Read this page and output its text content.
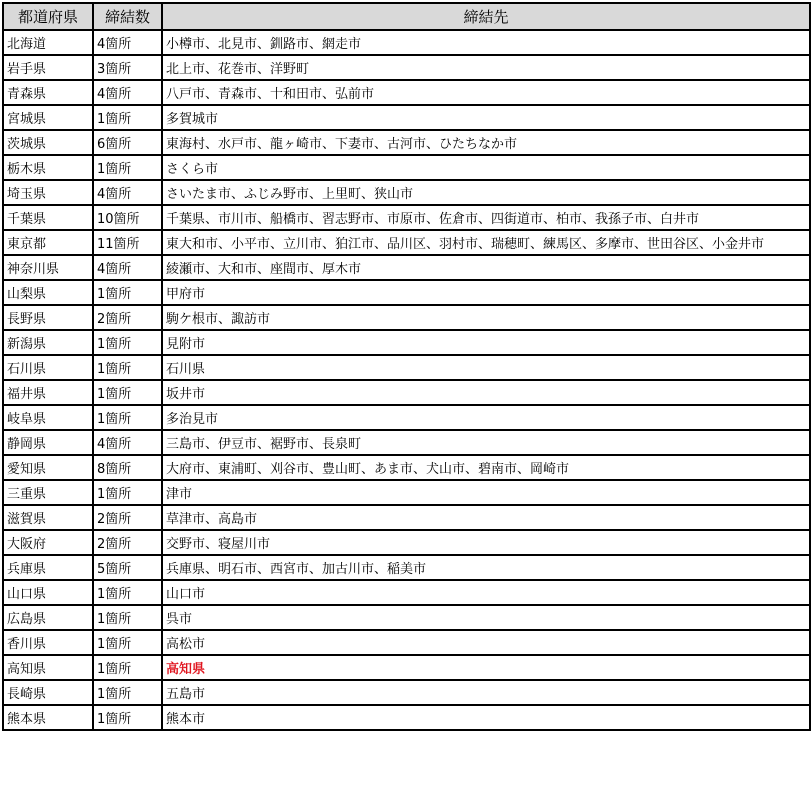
都道府県	締結数	締結先
北海道	4箇所	小樽市、北見市、釧路市、網走市
岩手県	3箇所	北上市、花巻市、洋野町
青森県	4箇所	八戸市、青森市、十和田市、弘前市
宮城県	1箇所	多賀城市
茨城県	6箇所	東海村、水戸市、龍ヶ崎市、下妻市、古河市、ひたちなか市
栃木県	1箇所	さくら市
埼玉県	4箇所	さいたま市、ふじみ野市、上里町、狭山市
千葉県	10箇所	千葉県、市川市、船橋市、習志野市、市原市、佐倉市、四街道市、柏市、我孫子市、白井市
東京都	11箇所	東大和市、小平市、立川市、狛江市、品川区、羽村市、瑞穂町、練馬区、多摩市、世田谷区、小金井市
神奈川県	4箇所	綾瀬市、大和市、座間市、厚木市
山梨県	1箇所	甲府市
長野県	2箇所	駒ケ根市、諏訪市
新潟県	1箇所	見附市
石川県	1箇所	石川県
福井県	1箇所	坂井市
岐阜県	1箇所	多治見市
静岡県	4箇所	三島市、伊豆市、裾野市、長泉町
愛知県	8箇所	大府市、東浦町、刈谷市、豊山町、あま市、犬山市、碧南市、岡崎市
三重県	1箇所	津市
滋賀県	2箇所	草津市、高島市
大阪府	2箇所	交野市、寝屋川市
兵庫県	5箇所	兵庫県、明石市、西宮市、加古川市、稲美市
山口県	1箇所	山口市
広島県	1箇所	呉市
香川県	1箇所	高松市
高知県	1箇所	高知県
長崎県	1箇所	五島市
熊本県	1箇所	熊本市
